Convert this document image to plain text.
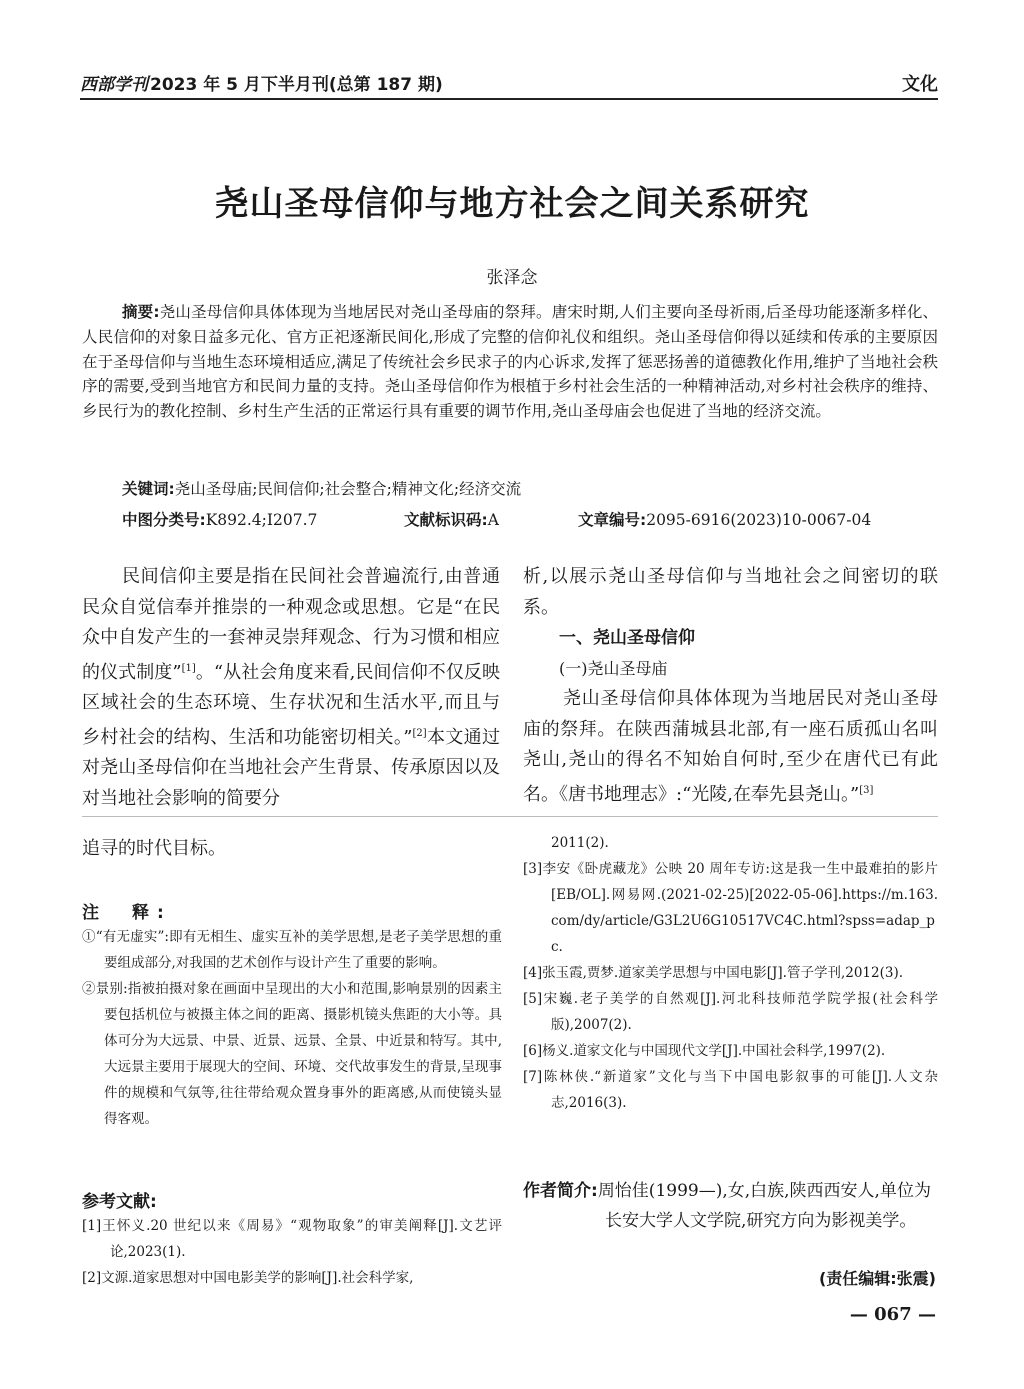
西部学刊 2023 年 5 月下半月刊(总第 187 期)	文化
尧山圣母信仰与地方社会之间关系研究
张泽念
摘要:尧山圣母信仰具体体现为当地居民对尧山圣母庙的祭拜。唐宋时期,人们主要向圣母祈雨,后圣母功能逐渐多样化、人民信仰的对象日益多元化、官方正祀逐渐民间化,形成了完整的信仰礼仪和组织。尧山圣母信仰得以延续和传承的主要原因在于圣母信仰与当地生态环境相适应,满足了传统社会乡民求子的内心诉求,发挥了惩恶扬善的道德教化作用,维护了当地社会秩序的需要,受到当地官方和民间力量的支持。尧山圣母信仰作为根植于乡村社会生活的一种精神活动,对乡村社会秩序的维持、乡民行为的教化控制、乡村生产生活的正常运行具有重要的调节作用,尧山圣母庙会也促进了当地的经济交流。
关键词:尧山圣母庙;民间信仰;社会整合;精神文化;经济交流
中图分类号:K892.4;I207.7	文献标识码:A	文章编号:2095-6916(2023)10-0067-04
民间信仰主要是指在民间社会普遍流行,由普通民众自觉信奉并推崇的一种观念或思想。它是“在民众中自发产生的一套神灵崇拜观念、行为习惯和相应的仪式制度”[1]。“从社会角度来看,民间信仰不仅反映区域社会的生态环境、生存状况和生活水平,而且与乡村社会的结构、生活和功能密切相关。”[2]本文通过对尧山圣母信仰在当地社会产生背景、传承原因以及对当地社会影响的简要分
析,以展示尧山圣母信仰与当地社会之间密切的联系。
一、尧山圣母信仰
(一)尧山圣母庙
尧山圣母信仰具体体现为当地居民对尧山圣母庙的祭拜。在陕西蒲城县北部,有一座石质孤山名叫尧山,尧山的得名不知始自何时,至少在唐代已有此名。《唐书地理志》:“光陵,在奉先县尧山。”[3]
追寻的时代目标。
注　释:
①“有无虚实”:即有无相生、虚实互补的美学思想,是老子美学思想的重要组成部分,对我国的艺术创作与设计产生了重要的影响。
②景别:指被拍摄对象在画面中呈现出的大小和范围,影响景别的因素主要包括机位与被摄主体之间的距离、摄影机镜头焦距的大小等。具体可分为大远景、中景、近景、远景、全景、中近景和特写。其中,大远景主要用于展现大的空间、环境、交代故事发生的背景,呈现事件的规模和气氛等,往往带给观众置身事外的距离感,从而使镜头显得客观。
参考文献:
[1]王怀义.20 世纪以来《周易》“观物取象”的审美阐释[J].文艺评论,2023(1).
[2]文源.道家思想对中国电影美学的影响[J].社会科学家,
2011(2).
[3]李安《卧虎藏龙》公映 20 周年专访:这是我一生中最难拍的影片[EB/OL].网易网.(2021-02-25)[2022-05-06].https://m.163.com/dy/article/G3L2U6G10517VC4C.html?spss=adap_pc.
[4]张玉霞,贾梦.道家美学思想与中国电影[J].管子学刊,2012(3).
[5]宋巍.老子美学的自然观[J].河北科技师范学院学报(社会科学版),2007(2).
[6]杨义.道家文化与中国现代文学[J].中国社会科学,1997(2).
[7]陈林侠.“新道家”文化与当下中国电影叙事的可能[J].人文杂志,2016(3).
作者简介:周怡佳(1999—),女,白族,陕西西安人,单位为长安大学人文学院,研究方向为影视美学。
(责任编辑:张震)
— 067 —
